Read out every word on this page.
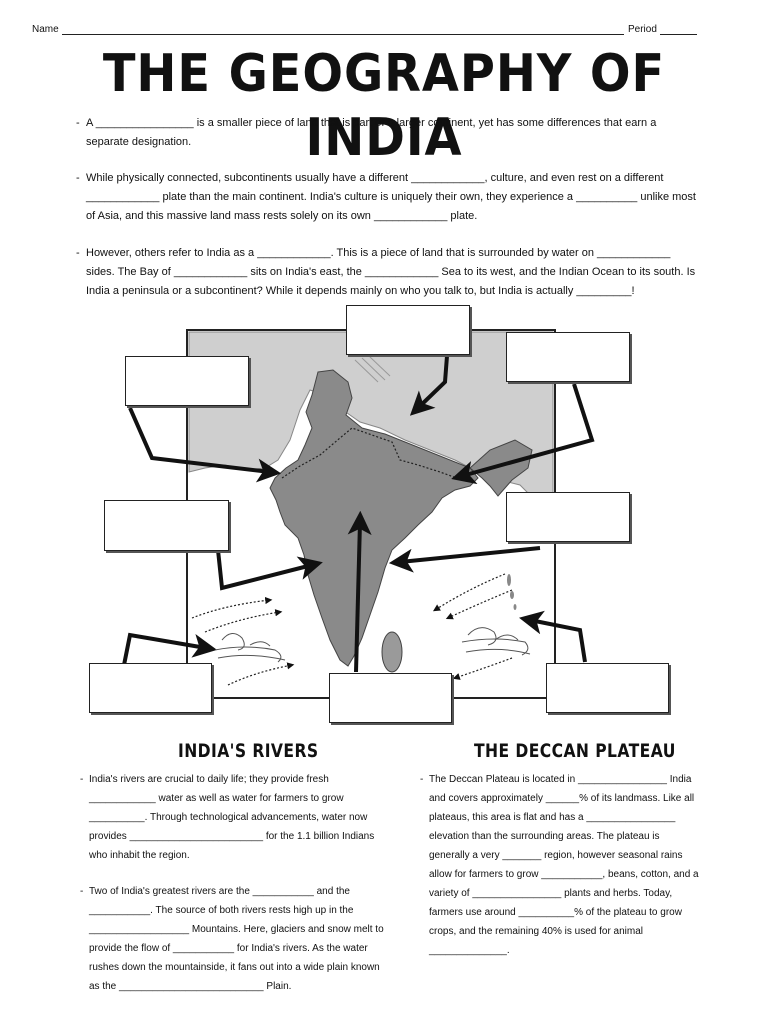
Name	Period
THE GEOGRAPHY OF INDIA
- A ________________ is a smaller piece of land that is part of a larger continent, yet has some differences that earn a separate designation.
- While physically connected, subcontinents usually have a different ____________, culture, and even rest on a different ____________ plate than the main continent. India's culture is uniquely their own, they experience a __________ unlike most of Asia, and this massive land mass rests solely on its own ____________ plate.
- However, others refer to India as a ____________. This is a piece of land that is surrounded by water on ____________ sides. The Bay of ____________ sits on India's east, the ____________ Sea to its west, and the Indian Ocean to its south. Is India a peninsula or a subcontinent? While it depends mainly on who you talk to, but India is actually _________!
INDIA'S RIVERS	THE DECCAN PLATEAU
- India's rivers are crucial to daily life; they provide fresh ____________ water as well as water for farmers to grow __________. Through technological advancements, water now provides ________________________ for the 1.1 billion Indians who inhabit the region.
- Two of India's greatest rivers are the ___________ and the ___________. The source of both rivers rests high up in the __________________ Mountains. Here, glaciers and snow melt to provide the flow of ___________ for India's rivers. As the water rushes down the mountainside, it fans out into a wide plain known as the __________________________ Plain.
- The Deccan Plateau is located in ________________ India and covers approximately ______% of its landmass. Like all plateaus, this area is flat and has a ________________ elevation than the surrounding areas. The plateau is generally a very _______ region, however seasonal rains allow for farmers to grow ___________, beans, cotton, and a variety of ________________ plants and herbs. Today, farmers use around __________% of the plateau to grow crops, and the remaining 40% is used for animal ______________.
